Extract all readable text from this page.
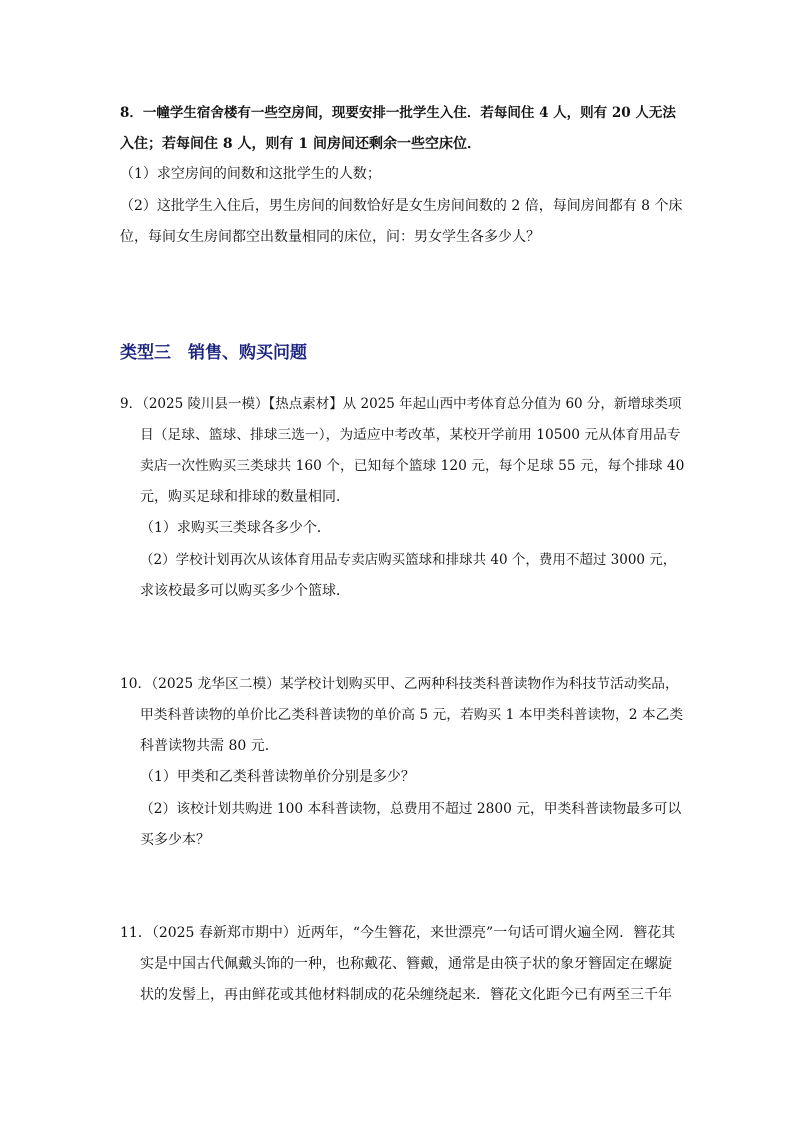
8．一幢学生宿舍楼有一些空房间，现要安排一批学生入住．若每间住 4 人，则有 20 人无法
入住；若每间住 8 人，则有 1 间房间还剩余一些空床位．
（1）求空房间的间数和这批学生的人数；
（2）这批学生入住后，男生房间的间数恰好是女生房间间数的 2 倍，每间房间都有 8 个床
位，每间女生房间都空出数量相同的床位，问：男女学生各多少人？
类型三　销售、购买问题
9．（2025 陵川县一模）【热点素材】从 2025 年起山西中考体育总分值为 60 分，新增球类项
目（足球、篮球、排球三选一），为适应中考改革，某校开学前用 10500 元从体育用品专
卖店一次性购买三类球共 160 个，已知每个篮球 120 元，每个足球 55 元，每个排球 40
元，购买足球和排球的数量相同．
（1）求购买三类球各多少个．
（2）学校计划再次从该体育用品专卖店购买篮球和排球共 40 个，费用不超过 3000 元，
求该校最多可以购买多少个篮球．
10．（2025 龙华区二模）某学校计划购买甲、乙两种科技类科普读物作为科技节活动奖品，
甲类科普读物的单价比乙类科普读物的单价高 5 元，若购买 1 本甲类科普读物，2 本乙类
科普读物共需 80 元．
（1）甲类和乙类科普读物单价分别是多少？
（2）该校计划共购进 100 本科普读物，总费用不超过 2800 元，甲类科普读物最多可以
买多少本？
11．（2025 春新郑市期中）近两年，“今生簪花，来世漂亮”一句话可谓火遍全网．簪花其
实是中国古代佩戴头饰的一种，也称戴花、簪戴，通常是由筷子状的象牙簪固定在螺旋
状的发髻上，再由鲜花或其他材料制成的花朵缠绕起来．簪花文化距今已有两至三千年
